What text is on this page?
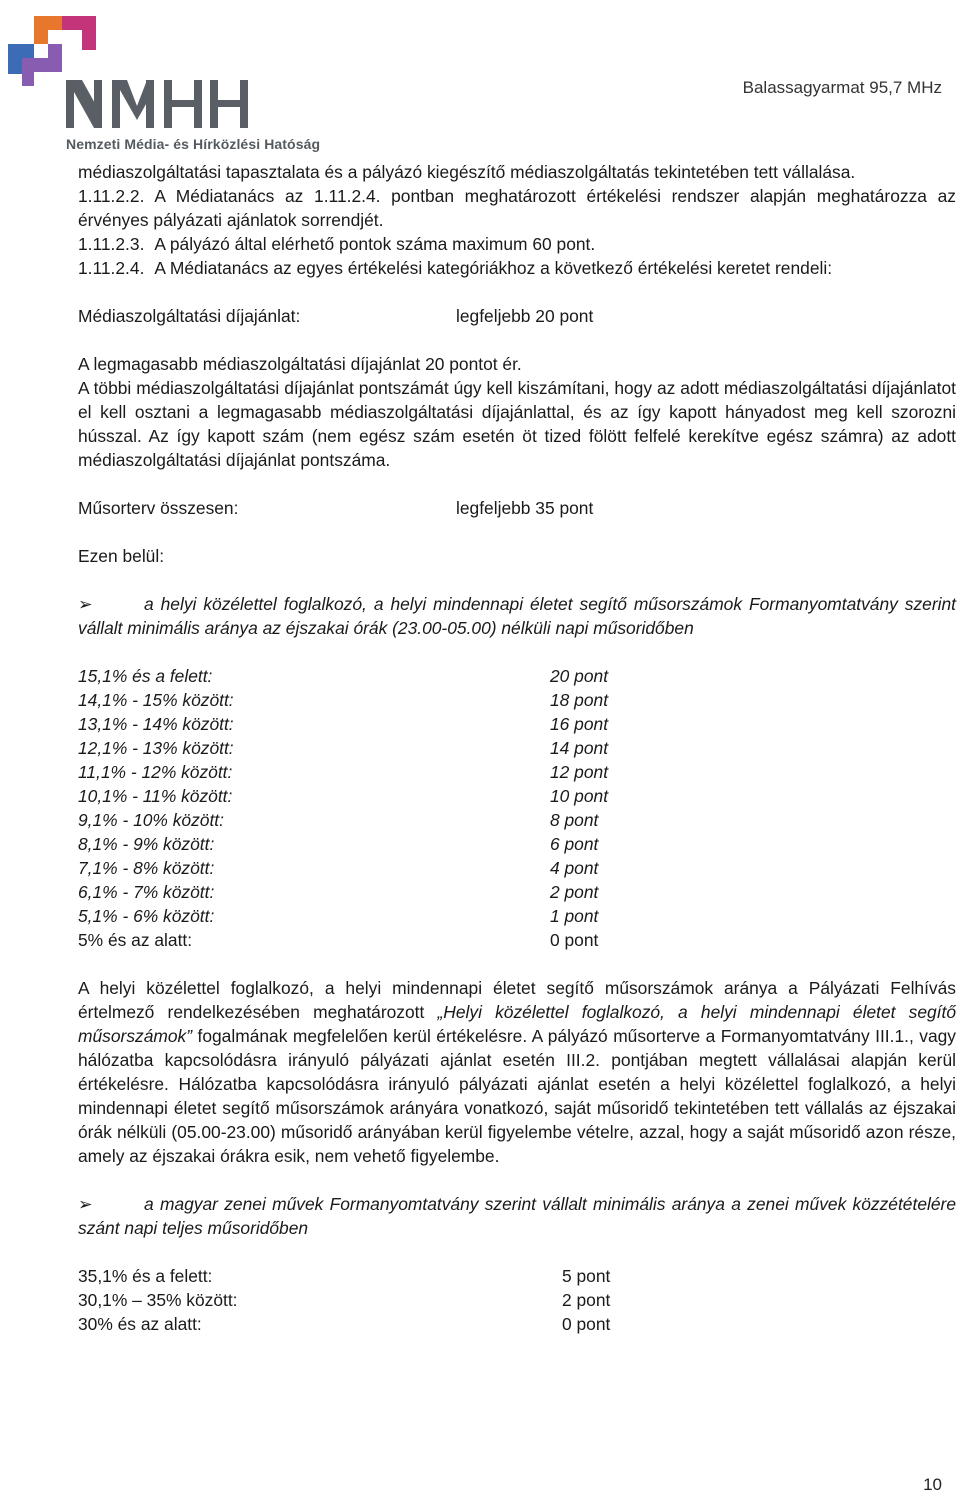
Nemzeti Média- és Hírközlési Hatóság
Balassagyarmat 95,7 MHz

médiaszolgáltatási tapasztalata és a pályázó kiegészítő médiaszolgáltatás tekintetében tett vállalása.

1.11.2.2. A Médiatanács az 1.11.2.4. pontban meghatározott értékelési rendszer alapján meghatározza az érvényes pályázati ajánlatok sorrendjét.

1.11.2.3. A pályázó által elérhető pontok száma maximum 60 pont.

1.11.2.4. A Médiatanács az egyes értékelési kategóriákhoz a következő értékelési keretet rendeli:

Médiaszolgáltatási díjajánlat:	legfeljebb 20 pont

A legmagasabb médiaszolgáltatási díjajánlat 20 pontot ér.

A többi médiaszolgáltatási díjajánlat pontszámát úgy kell kiszámítani, hogy az adott médiaszolgáltatási díjajánlatot el kell osztani a legmagasabb médiaszolgáltatási díjajánlattal, és az így kapott hányadost meg kell szorozni hússzal. Az így kapott szám (nem egész szám esetén öt tized fölött felfelé kerekítve egész számra) az adott médiaszolgáltatási díjajánlat pontszáma.

Műsorterv összesen:	legfeljebb 35 pont

Ezen belül:

➢	a helyi közélettel foglalkozó, a helyi mindennapi életet segítő műsorszámok Formanyomtatvány szerint vállalt minimális aránya az éjszakai órák (23.00-05.00) nélküli napi műsoridőben

15,1% és a felett:	20 pont
14,1% - 15% között:	18 pont
13,1% - 14% között:	16 pont
12,1% - 13% között:	14 pont
11,1% - 12% között:	12 pont
10,1% - 11% között:	10 pont
9,1% - 10% között:	8 pont
8,1% - 9% között:	6 pont
7,1% - 8% között:	4 pont
6,1% - 7% között:	2 pont
5,1% - 6% között:	1 pont
5% és az alatt:	0 pont

A helyi közélettel foglalkozó, a helyi mindennapi életet segítő műsorszámok aránya a Pályázati Felhívás értelmező rendelkezésében meghatározott „Helyi közélettel foglalkozó, a helyi mindennapi életet segítő műsorszámok” fogalmának megfelelően kerül értékelésre. A pályázó műsorterve a Formanyomtatvány III.1., vagy hálózatba kapcsolódásra irányuló pályázati ajánlat esetén III.2. pontjában megtett vállalásai alapján kerül értékelésre. Hálózatba kapcsolódásra irányuló pályázati ajánlat esetén a helyi közélettel foglalkozó, a helyi mindennapi életet segítő műsorszámok arányára vonatkozó, saját műsoridő tekintetében tett vállalás az éjszakai órák nélküli (05.00-23.00) műsoridő arányában kerül figyelembe vételre, azzal, hogy a saját műsoridő azon része, amely az éjszakai órákra esik, nem vehető figyelembe.

➢	a magyar zenei művek Formanyomtatvány szerint vállalt minimális aránya a zenei művek közzétételére szánt napi teljes műsoridőben

35,1% és a felett:	5 pont
30,1% – 35% között:	2 pont
30% és az alatt:	0 pont
10
